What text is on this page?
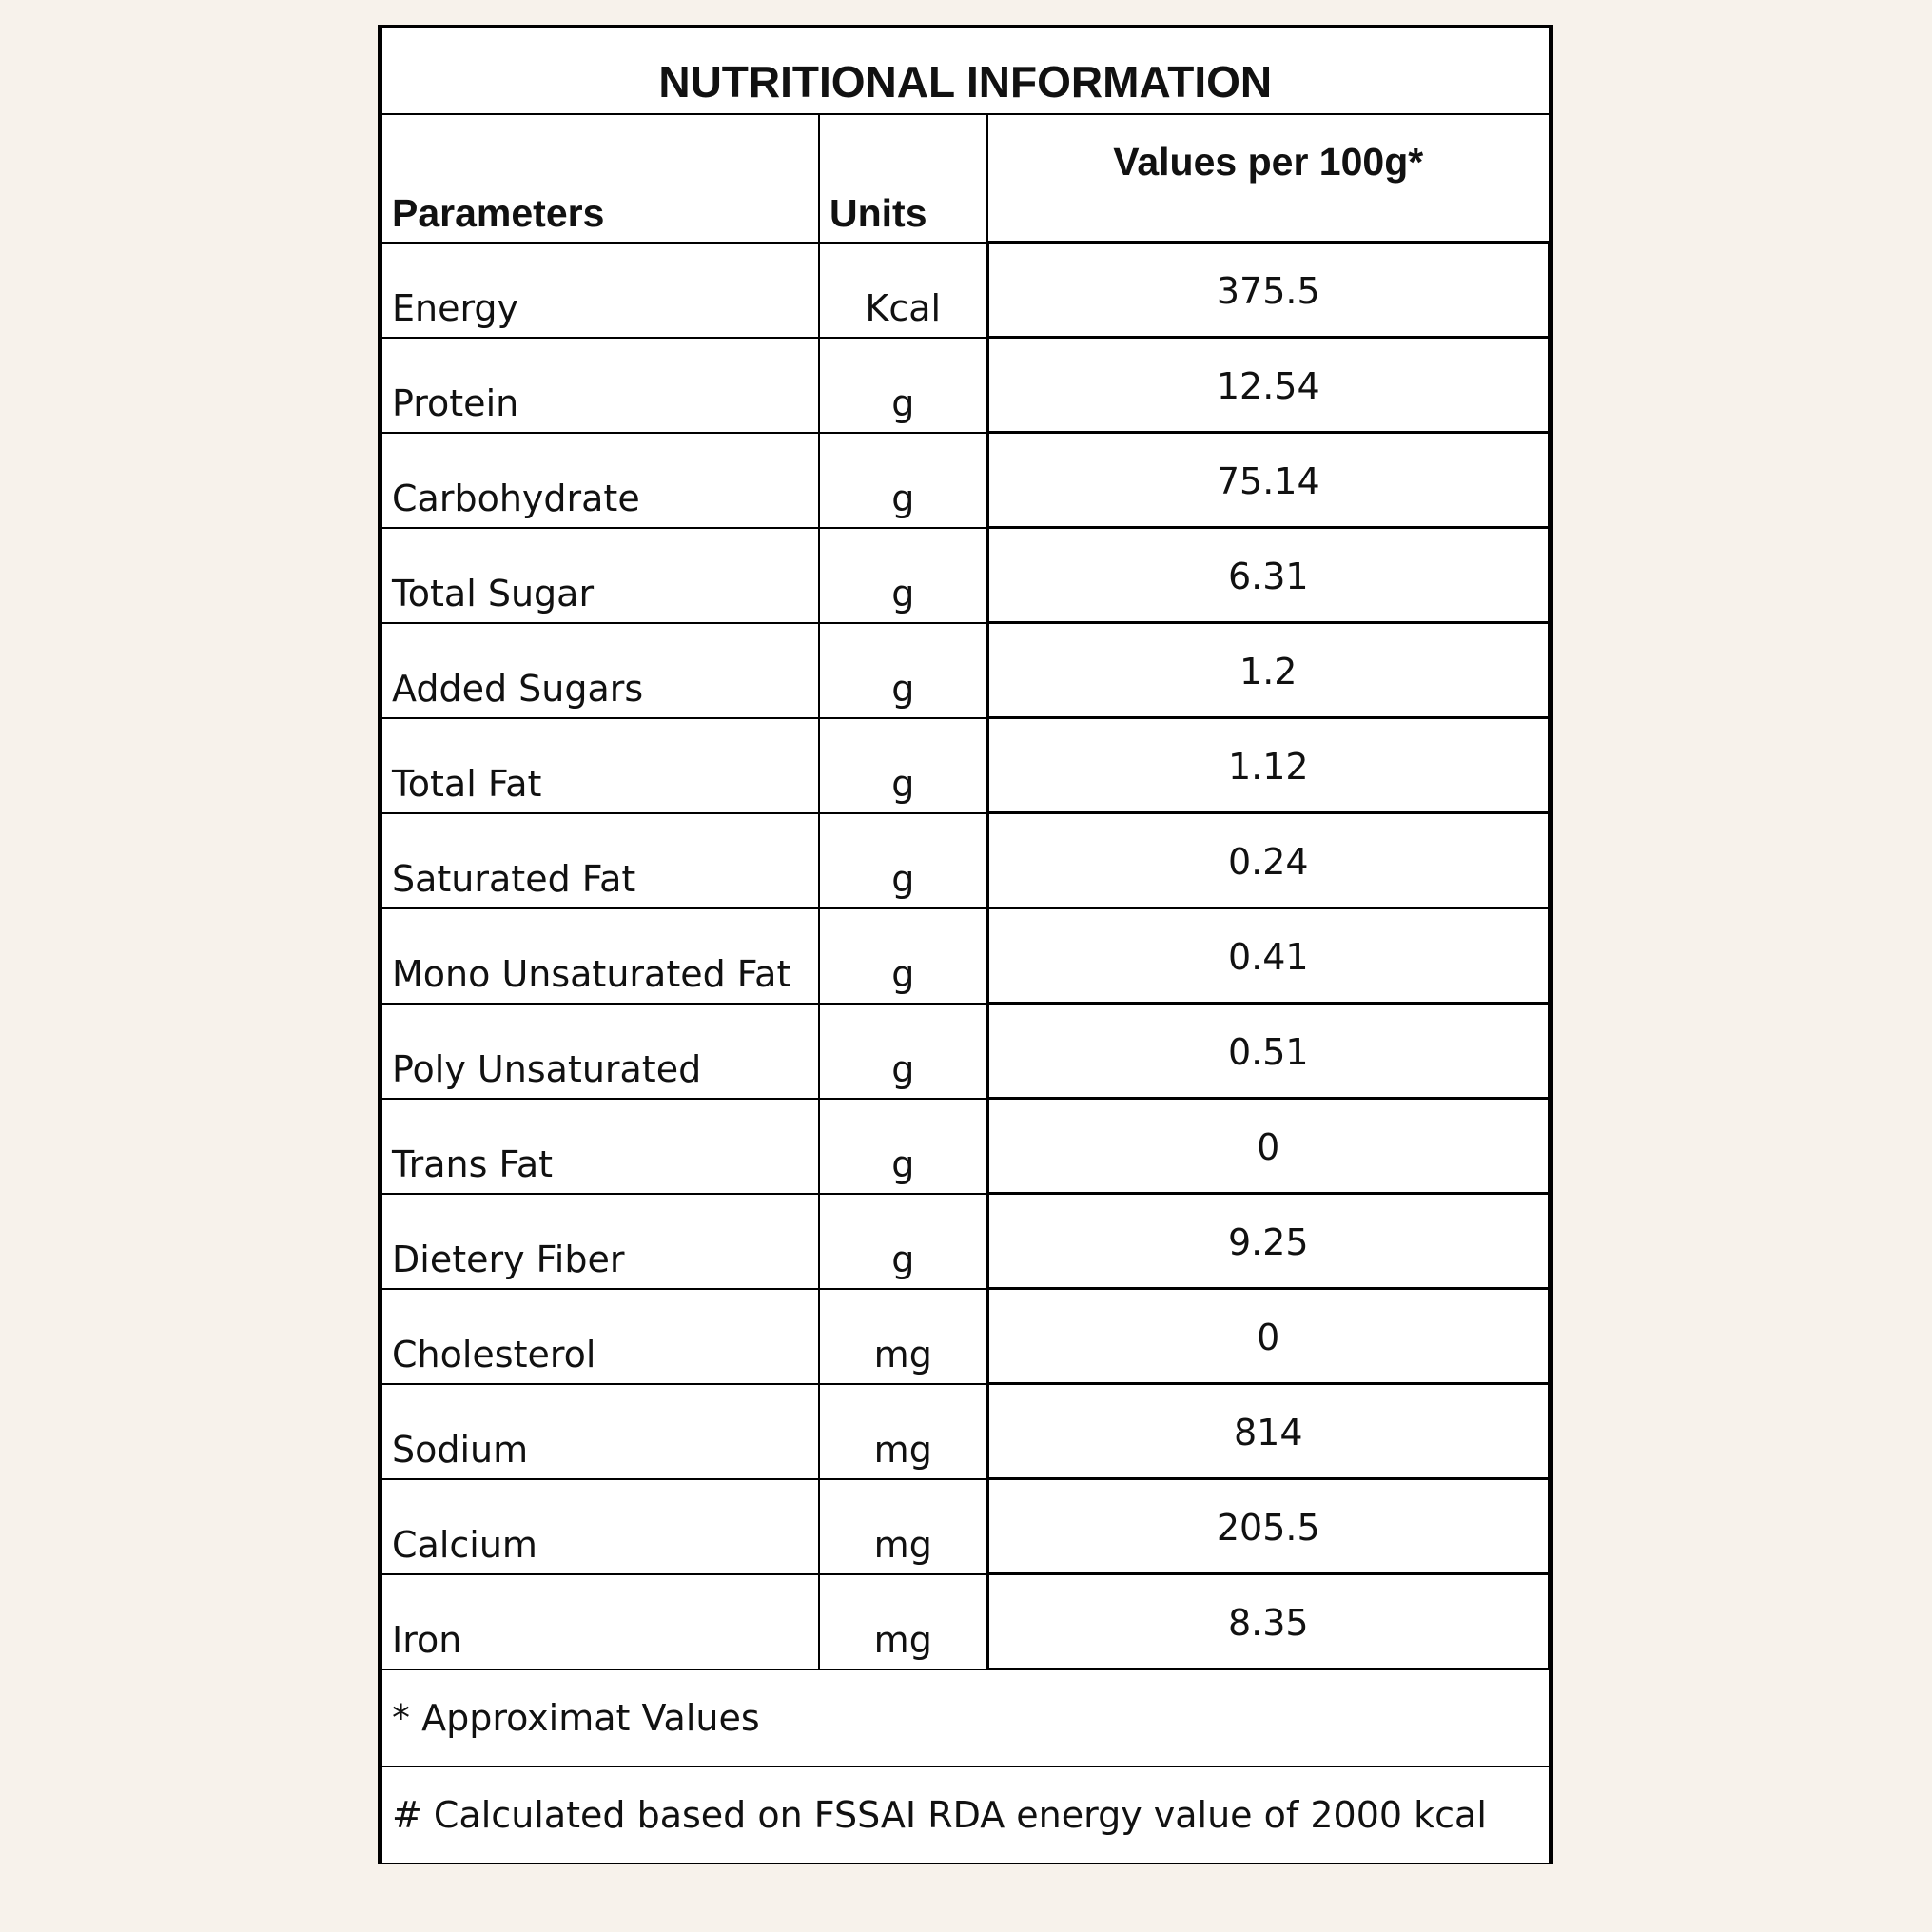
NUTRITIONAL INFORMATION		
Parameters	Units	Values per 100g*
Energy	Kcal	375.5
Protein	g	12.54
Carbohydrate	g	75.14
Total Sugar	g	6.31
Added Sugars	g	1.2
Total Fat	g	1.12
Saturated Fat	g	0.24
Mono Unsaturated Fat	g	0.41
Poly Unsaturated	g	0.51
Trans Fat	g	0
Dietery Fiber	g	9.25
Cholesterol	mg	0
Sodium	mg	814
Calcium	mg	205.5
Iron	mg	8.35
* Approximat Values		
# Calculated based on FSSAI RDA energy value of 2000 kcal		
